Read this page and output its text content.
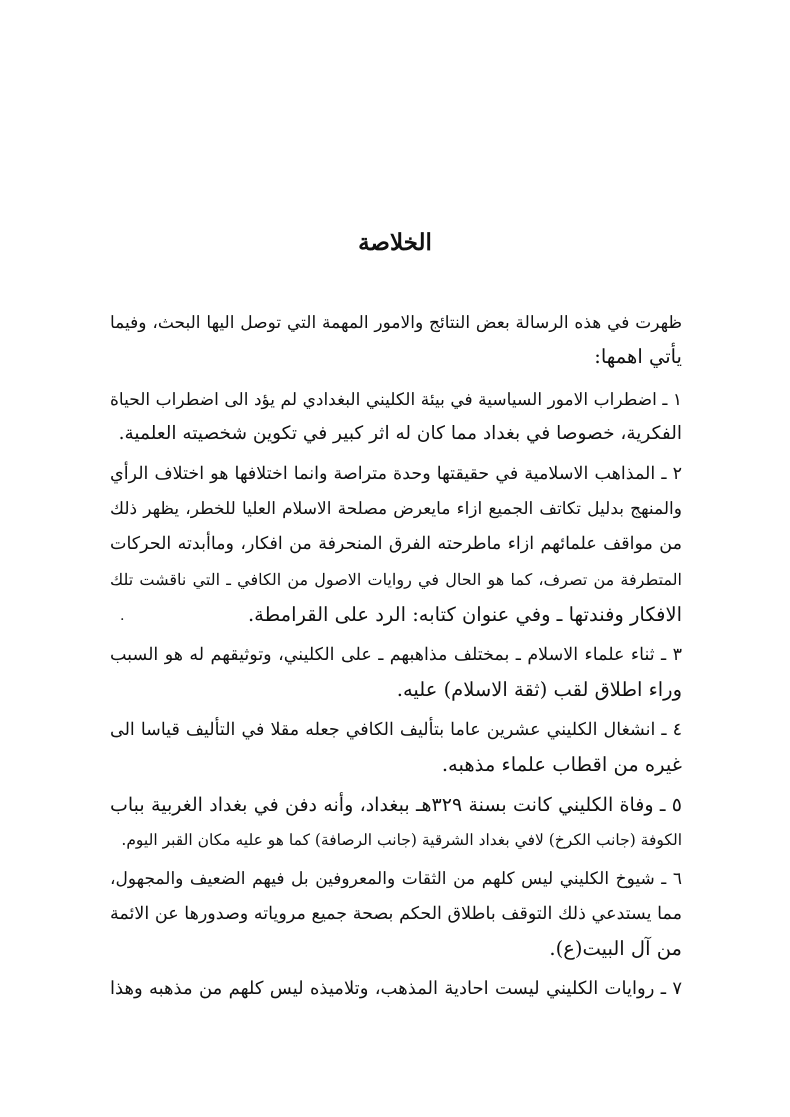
الخلاصة
ظهرت في هذه الرسالة بعض النتائج والامور المهمة التي توصل اليها البحث، وفيما
يأتي اهمها:
١ ـ اضطراب الامور السياسية في بيئة الكليني البغدادي لم يؤد الى اضطراب الحياة
الفكرية، خصوصا في بغداد مما كان له اثر كبير في تكوين شخصيته العلمية.
٢ ـ المذاهب الاسلامية في حقيقتها وحدة متراصة وانما اختلافها هو اختلاف الرأي
والمنهج بدليل تكاتف الجميع ازاء مايعرض مصلحة الاسلام العليا للخطر، يظهر ذلك
من مواقف علمائهم ازاء ماطرحته الفرق المنحرفة من افكار، وماأبدته الحركات
المتطرفة من تصرف، كما هو الحال في روايات الاصول من الكافي ـ التي ناقشت تلك
الافكار وفندتها ـ وفي عنوان كتابه: الرد على القرامطة.
٣ ـ ثناء علماء الاسلام ـ بمختلف مذاهبهم ـ على الكليني، وتوثيقهم له هو السبب
وراء اطلاق لقب (ثقة الاسلام) عليه.
٤ ـ انشغال الكليني عشرين عاما بتأليف الكافي جعله مقلا في التأليف قياسا الى
غيره من اقطاب علماء مذهبه.
٥ ـ وفاة الكليني كانت بسنة ٣٢٩هـ ببغداد، وأنه دفن في بغداد الغربية بباب
الكوفة (جانب الكرخ) لافي بغداد الشرقية (جانب الرصافة) كما هو عليه مكان القبر اليوم.
٦ ـ شيوخ الكليني ليس كلهم من الثقات والمعروفين بل فيهم الضعيف والمجهول،
مما يستدعي ذلك التوقف باطلاق الحكم بصحة جميع مروياته وصدورها عن الائمة
من آل البيت(ع).
٧ ـ روايات الكليني ليست احادية المذهب، وتلاميذه ليس كلهم من مذهبه وهذا
.
